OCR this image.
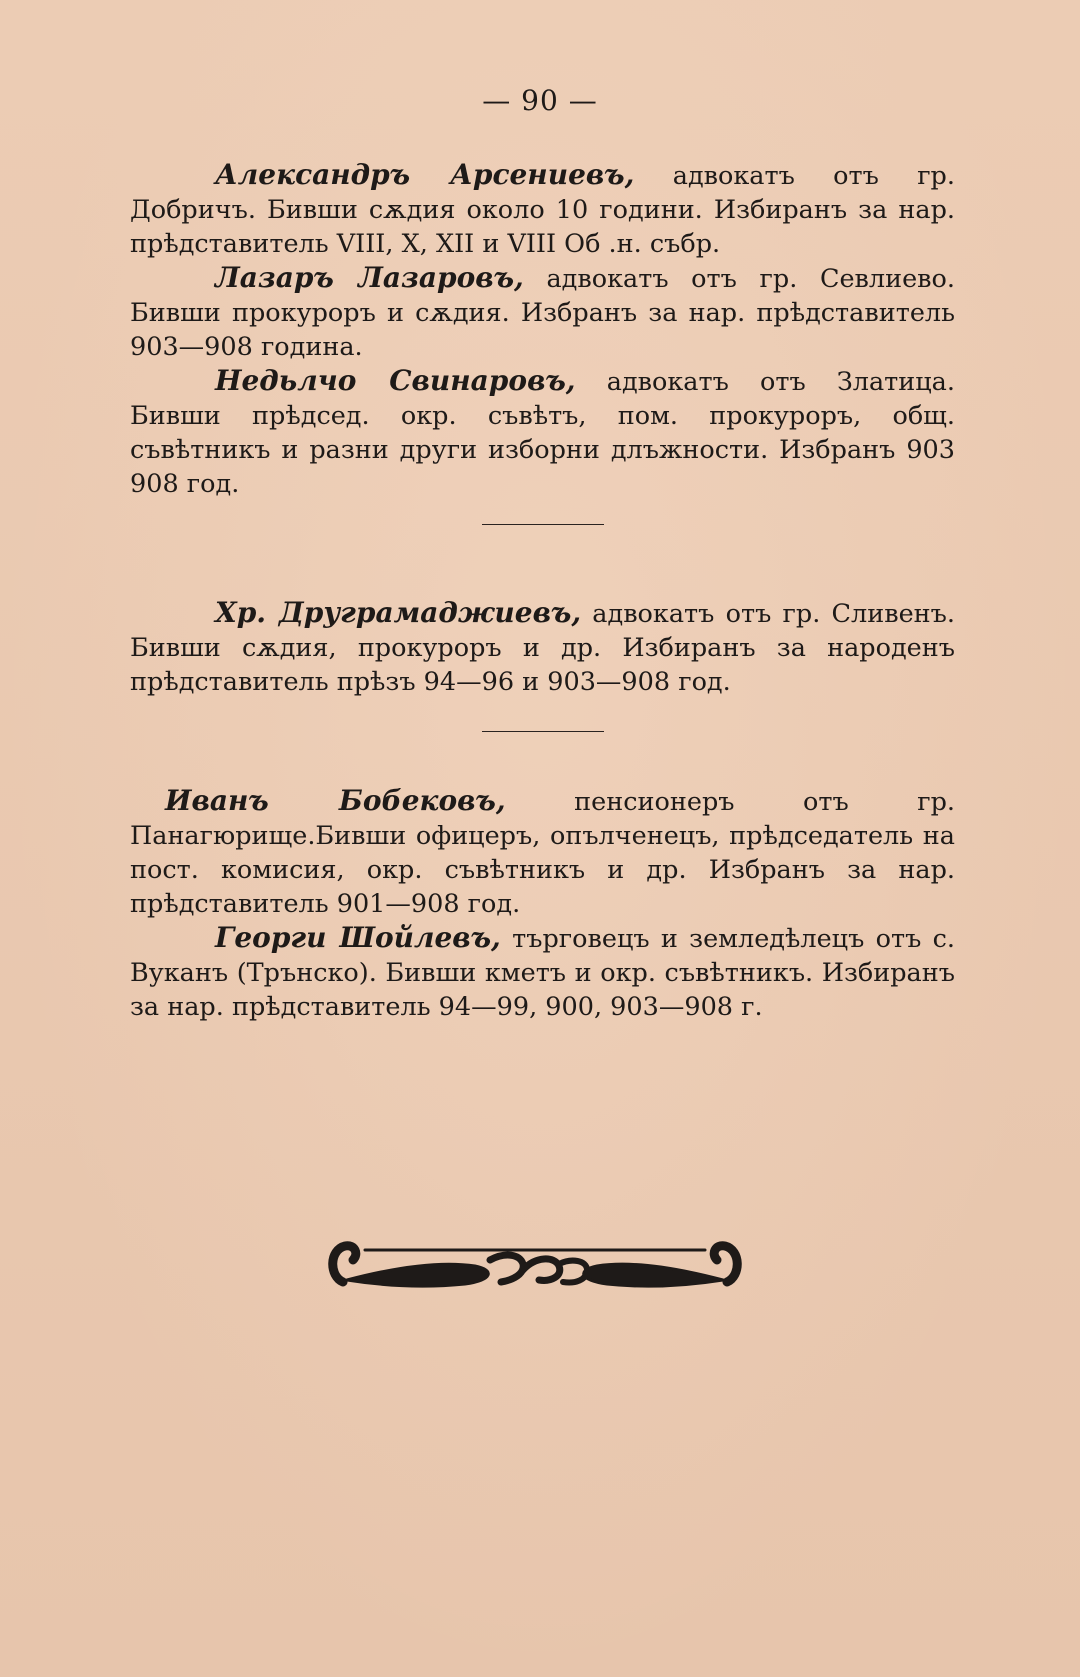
— 90 —

Александръ Арсениевъ, адвокатъ отъ гр. Добричъ. Бивши сѫдия около 10 години. Избиранъ за нар. прѣдставитель VIII, X, XII и VIII Об .н. събр.

Лазаръ Лазаровъ, адвокатъ отъ гр. Севлиево. Бивши прокуроръ и сѫдия. Избранъ за нар. прѣдставитель 903—908 година.

Недьлчо Свинаровъ, адвокатъ отъ Златица. Бивши прѣдсед. окр. съвѣтъ, пом. прокуроръ, общ. съвѣтникъ и разни други изборни длъжности. Избранъ 903 908 год.

Хр. Друграмаджиевъ, адвокатъ отъ гр. Сливенъ. Бивши сѫдия, прокуроръ и др. Избиранъ за народенъ прѣдставитель прѣзъ 94—96 и 903—908 год.

Иванъ Бобековъ, пенсионеръ отъ гр. Панагюрище.Бивши офицеръ, опълченецъ, прѣдседатель на пост. комисия, окр. съвѣтникъ и др. Избранъ за нар. прѣдставитель 901—908 год.

Георги Шойлевъ, търговецъ и земледѣлецъ отъ с. Вуканъ (Трънско). Бивши кметъ и окр. съвѣтникъ. Избиранъ за нар. прѣдставитель 94—99, 900, 903—908 г.
